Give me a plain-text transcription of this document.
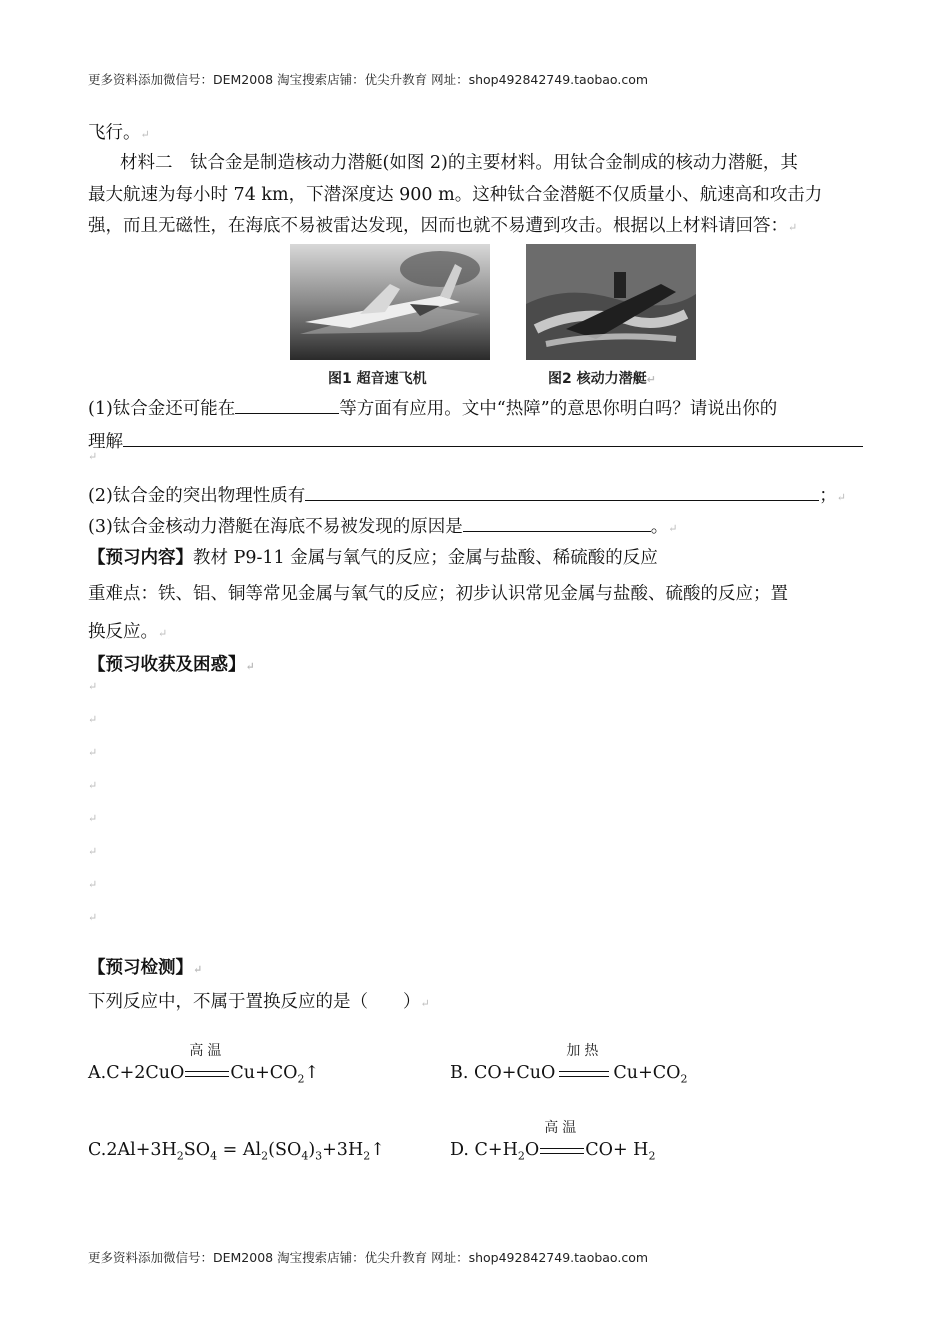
更多资料添加微信号：DEM2008 淘宝搜索店铺：优尖升教育 网址：shop492842749.taobao.com
飞行。↵
材料二　钛合金是制造核动力潜艇(如图 2)的主要材料。用钛合金制成的核动力潜艇，其
最大航速为每小时 74 km，下潜深度达 900 m。这种钛合金潜艇不仅质量小、航速高和攻击力
强，而且无磁性，在海底不易被雷达发现，因而也就不易遭到攻击。根据以上材料请回答：↵
图1 超音速飞机	图2 核动力潜艇↵
(1)钛合金还可能在	等方面有应用。文中“热障”的意思你明白吗？请说出你的
理解
↵
(2)钛合金的突出物理性质有	；↵
(3)钛合金核动力潜艇在海底不易被发现的原因是	。↵
【预习内容】教材 P9-11 金属与氧气的反应；金属与盐酸、稀硫酸的反应
重难点：铁、铝、铜等常见金属与氧气的反应；初步认识常见金属与盐酸、硫酸的反应；置
换反应。↵
【预习收获及困惑】↵
↵
↵
↵
↵
↵
↵
↵
↵
【预习检测】↵
下列反应中，不属于置换反应的是（　　）↵
A.C+2CuO
高温
$Cu+CO_2↑$	B. CO+CuO
加热
$Cu+CO_2$
$C.2Al+3H_2SO_4$ = $Al_2(SO_4)_3+3H_2↑$	D. $C+H_2O$
高温
$CO+ H_2$
更多资料添加微信号：DEM2008 淘宝搜索店铺：优尖升教育 网址：shop492842749.taobao.com
